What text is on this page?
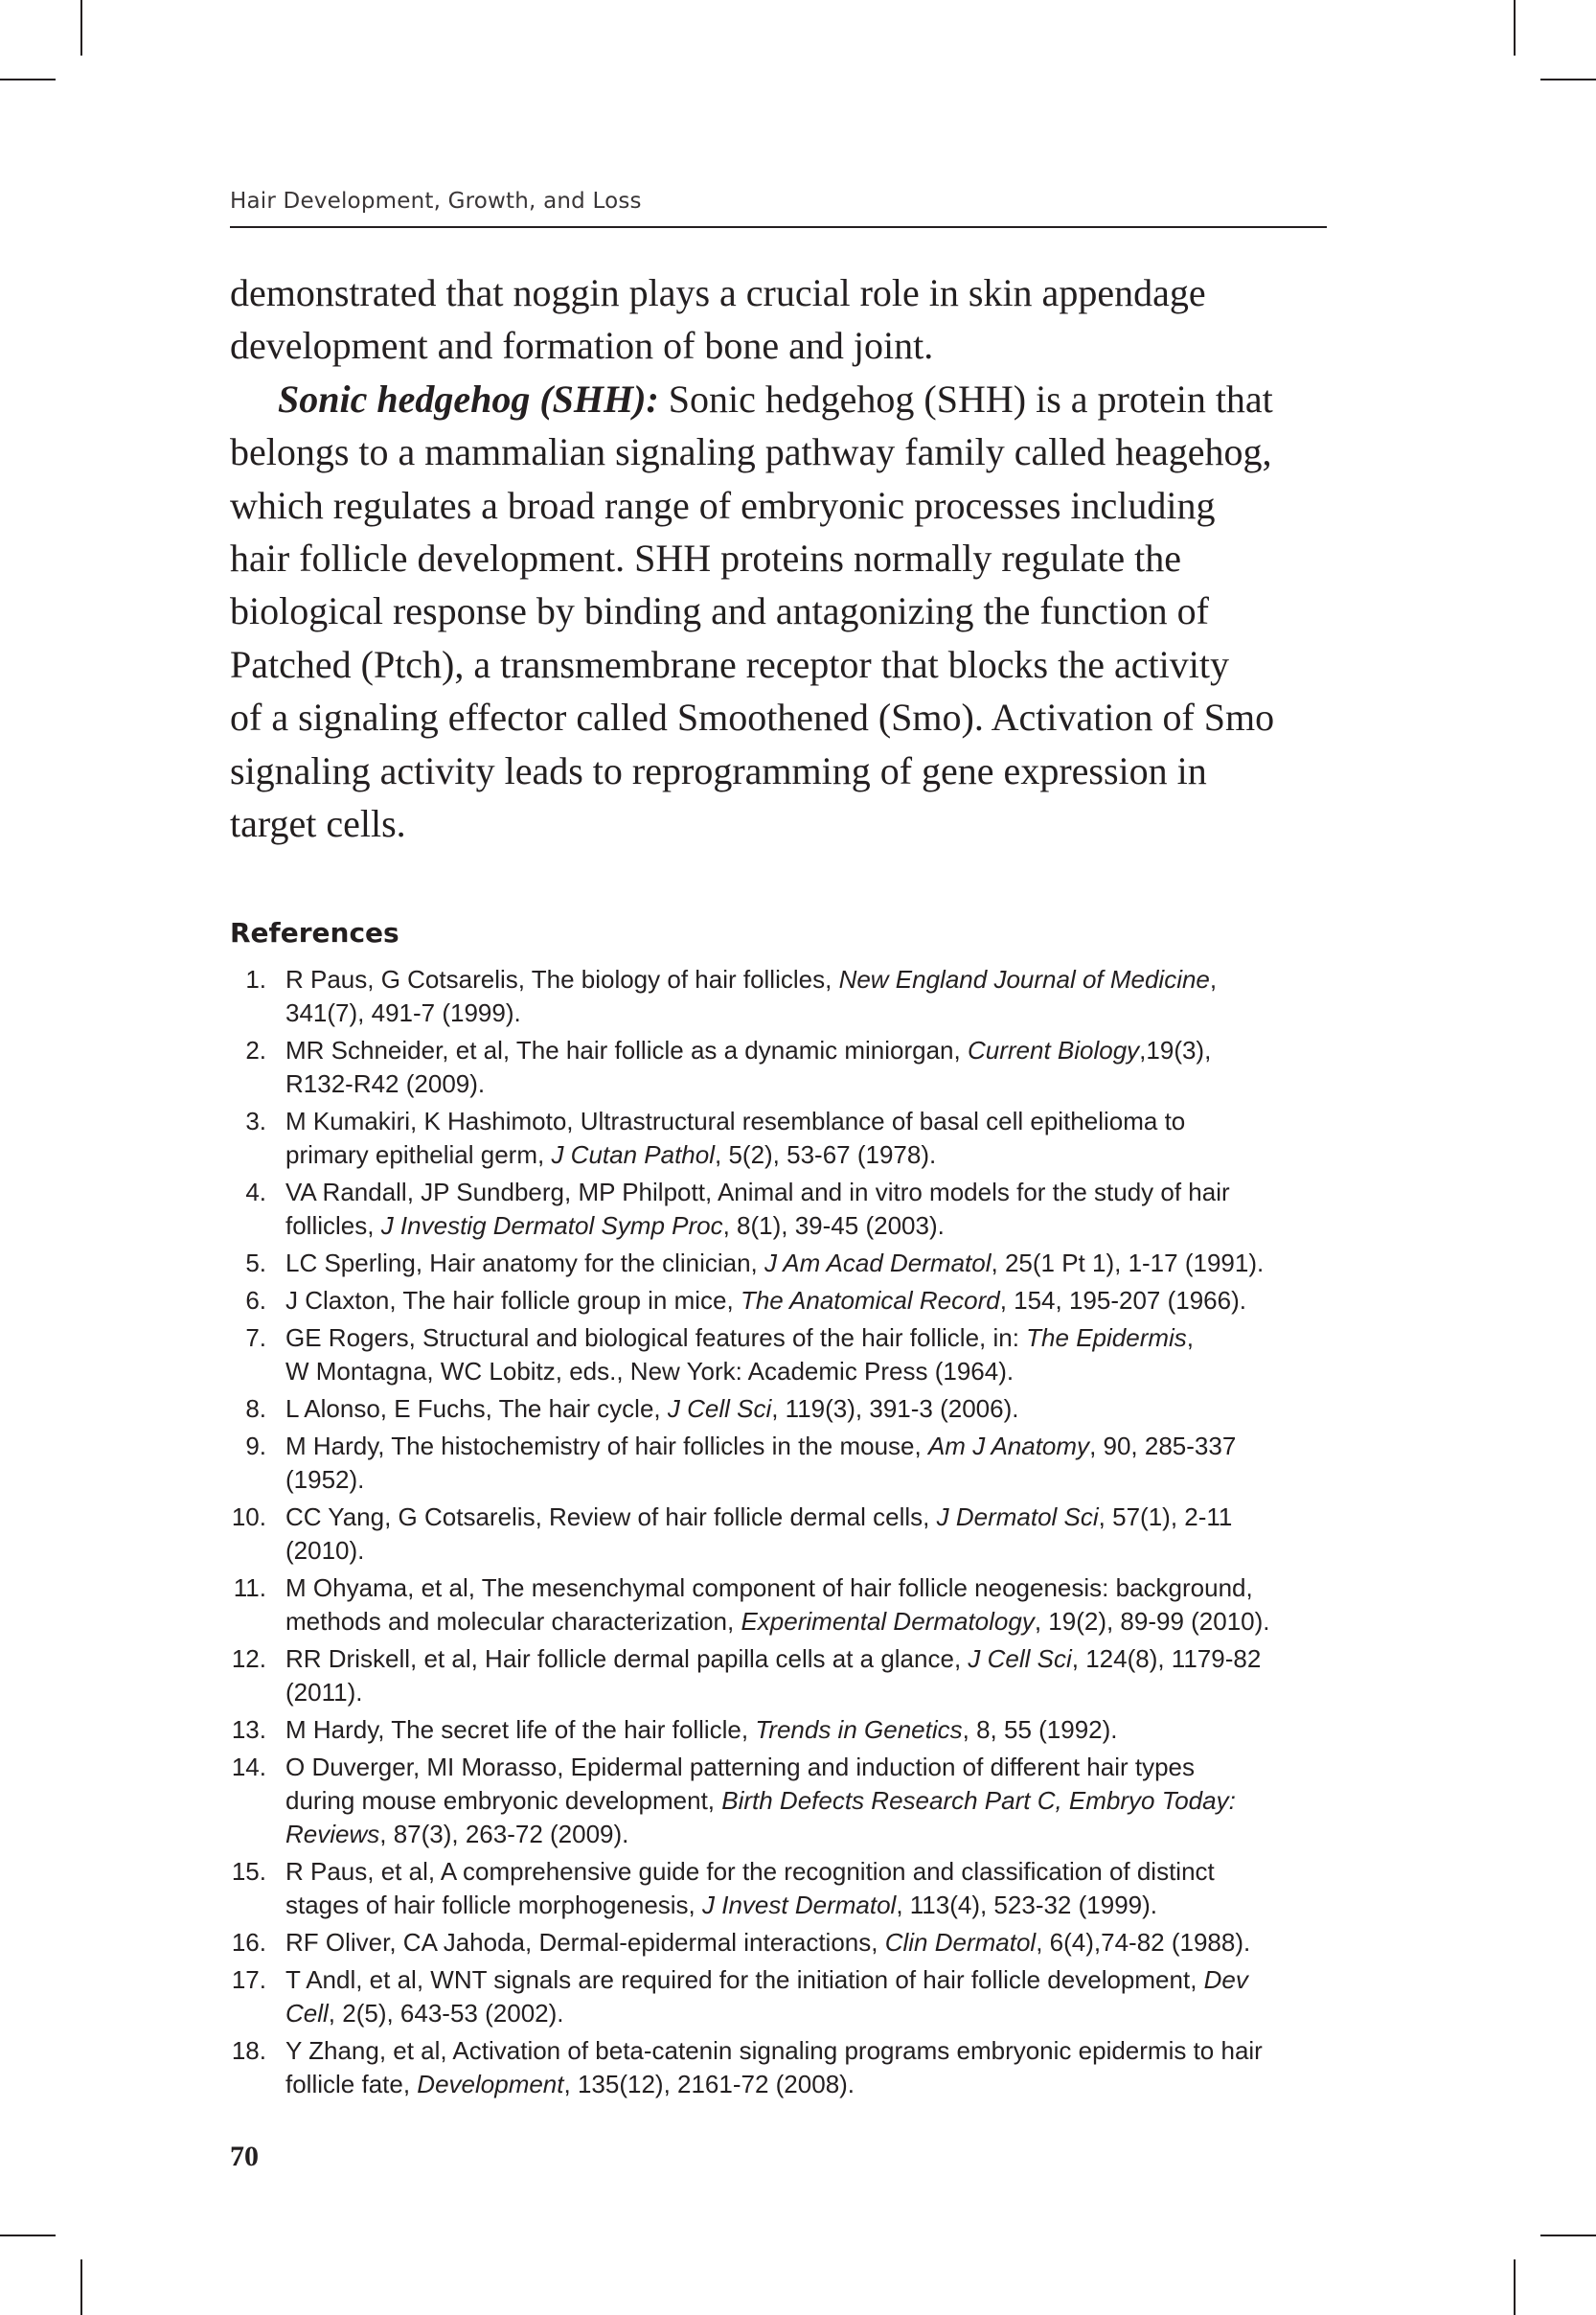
Hair Development, Growth, and Loss

demonstrated that noggin plays a crucial role in skin appendage
development and formation of bone and joint.

Sonic hedgehog (SHH): Sonic hedgehog (SHH) is a protein that
belongs to a mammalian signaling pathway family called heagehog,
which regulates a broad range of embryonic processes including
hair follicle development. SHH proteins normally regulate the
biological response by binding and antagonizing the function of
Patched (Ptch), a transmembrane receptor that blocks the activity
of a signaling effector called Smoothened (Smo). Activation of Smo
signaling activity leads to reprogramming of gene expression in
target cells.

References
1. R Paus, G Cotsarelis, The biology of hair follicles, New England Journal of Medicine,
341(7), 491-7 (1999).
2. MR Schneider, et al, The hair follicle as a dynamic miniorgan, Current Biology,19(3),
R132-R42 (2009).
3. M Kumakiri, K Hashimoto, Ultrastructural resemblance of basal cell epithelioma to
primary epithelial germ, J Cutan Pathol, 5(2), 53-67 (1978).
4. VA Randall, JP Sundberg, MP Philpott, Animal and in vitro models for the study of hair
follicles, J Investig Dermatol Symp Proc, 8(1), 39-45 (2003).
5. LC Sperling, Hair anatomy for the clinician, J Am Acad Dermatol, 25(1 Pt 1), 1-17 (1991).
6. J Claxton, The hair follicle group in mice, The Anatomical Record, 154, 195-207 (1966).
7. GE Rogers, Structural and biological features of the hair follicle, in: The Epidermis,
W Montagna, WC Lobitz, eds., New York: Academic Press (1964).
8. L Alonso, E Fuchs, The hair cycle, J Cell Sci, 119(3), 391-3 (2006).
9. M Hardy, The histochemistry of hair follicles in the mouse, Am J Anatomy, 90, 285-337
(1952).
10. CC Yang, G Cotsarelis, Review of hair follicle dermal cells, J Dermatol Sci, 57(1), 2-11
(2010).
11. M Ohyama, et al, The mesenchymal component of hair follicle neogenesis: background,
methods and molecular characterization, Experimental Dermatology, 19(2), 89-99 (2010).
12. RR Driskell, et al, Hair follicle dermal papilla cells at a glance, J Cell Sci, 124(8), 1179-82
(2011).
13. M Hardy, The secret life of the hair follicle, Trends in Genetics, 8, 55 (1992).
14. O Duverger, MI Morasso, Epidermal patterning and induction of different hair types
during mouse embryonic development, Birth Defects Research Part C, Embryo Today:
Reviews, 87(3), 263-72 (2009).
15. R Paus, et al, A comprehensive guide for the recognition and classification of distinct
stages of hair follicle morphogenesis, J Invest Dermatol, 113(4), 523-32 (1999).
16. RF Oliver, CA Jahoda, Dermal-epidermal interactions, Clin Dermatol, 6(4),74-82 (1988).
17. T Andl, et al, WNT signals are required for the initiation of hair follicle development, Dev
Cell, 2(5), 643-53 (2002).
18. Y Zhang, et al, Activation of beta-catenin signaling programs embryonic epidermis to hair
follicle fate, Development, 135(12), 2161-72 (2008).
70
